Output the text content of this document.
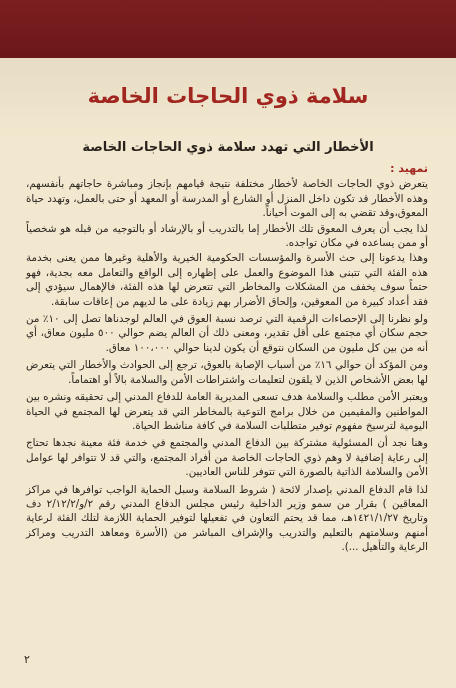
سلامة ذوي الحاجات الخاصة
الأخطار التي تهدد سلامة ذوي الحاجات الخاصة
تمهيد :

يتعرض ذوي الحاجات الخاصة لأخطار مختلفة نتيجة قيامهم بإنجاز ومباشرة حاجاتهم بأنفسهم، وهذه الأخطار قد تكون داخل المنزل أو الشارع أو المدرسة أو المعهد أو حتى بالعمل، وتهدد حياة المعوق،وقد تقضي به إلى الموت أحياناً.

لذا يجب أن يعرف المعوق تلك الأخطار إما بالتدريب أو بالإرشاد أو بالتوجيه من قبله هو شخصياً أو ممن يساعده في مكان تواجده.

وهذا يدعونا إلى حث الأسرة والمؤسسات الحكومية الخيرية والأهلية وغيرها ممن يعنى بخدمة هذه الفئة التي تتبنى هذا الموضوع والعمل على إظهاره إلى الواقع والتعامل معه بجدية، فهو حتماً سوف يخفف من المشكلات والمخاطر التي تتعرض لها هذه الفئة، فالإهمال سيؤدي إلى فقد أعداد كبيرة من المعوقين، وإلحاق الأضرار بهم زيادة على ما لديهم من إعاقات سابقة.

ولو نظرنا إلى الإحصاءات الرقمية التي ترصد نسبة العوق في العالم لوجدناها تصل إلى ١٠٪ من حجم سكان أي مجتمع على أقل تقدير، ومعنى ذلك أن العالم يضم حوالي ٥٠٠ مليون معاق، أي أنه من بين كل مليون من السكان نتوقع أن يكون لدينا حوالي ١٠٠،٠٠٠ معاق.

ومن المؤكد أن حوالي ١٦٪ من أسباب الإصابة بالعوق، ترجع إلى الحوادث والأخطار التي يتعرض لها بعض الأشخاص الذين لا يلقون لتعليمات واشتراطات الأمن والسلامة بالاً أو اهتماماً.

ويعتبر الأمن مطلب والسلامة هدف تسعى المديرية العامة للدفاع المدني إلى تحقيقه ونشره بين المواطنين والمقيمين من خلال برامج التوعية بالمخاطر التي قد يتعرض لها المجتمع في الحياة اليومية لترسيخ مفهوم توفير متطلبات السلامة في كافة مناشط الحياة.

وهنا نجد أن المسئولية مشتركة بين الدفاع المدني والمجتمع في خدمة فئة معينة نجدها تحتاج إلى رعاية إضافية لا وهم ذوي الحاجات الخاصة من أفراد المجتمع، والتي قد لا تتوافر لها عوامل الأمن والسلامة الذاتية بالصورة التي تتوفر للناس العاديين.

لذا قام الدفاع المدني بإصدار لائحة ( شروط السلامة وسبل الحماية الواجب توافرها في مراكز المعاقين ) بقرار من سمو وزير الداخلية رئيس مجلس الدفاع المدني رقم ٢/و/٢/١٢/٢ دف وتاريخ ١٤٢١/١/٢٧هـ، مما قد يحتم التعاون في تفعيلها لتوفير الحماية اللازمة لتلك الفئة لرعاية أمنهم وسلامتهم بالتعليم والتدريب والإشراف المباشر من (الأسرة ومعاهد التدريب ومراكز الرعاية والتأهيل ...).

٢
